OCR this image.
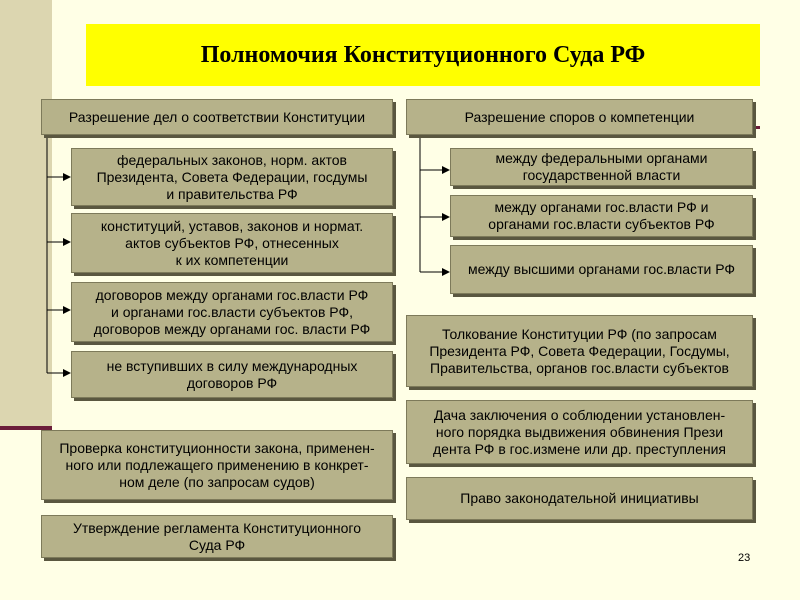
Полномочия Конституционного Суда РФ
Разрешение дел о соответствии Конституции
федеральных законов, норм. актов
Президента, Совета Федерации, госдумы
и правительства РФ
конституций, уставов, законов и нормат.
актов субъектов РФ, отнесенных
к их компетенции
договоров между органами гос.власти РФ
и органами гос.власти субъектов РФ,
договоров между органами гос. власти РФ
не вступивших в силу международных
договоров РФ
Проверка конституционности закона, применен-
ного или подлежащего применению в конкрет-
ном деле (по запросам судов)
Утверждение регламента Конституционного
Суда РФ
Разрешение споров о компетенции
между федеральными органами
государственной власти
между органами гос.власти РФ и
органами гос.власти субъектов РФ
между высшими органами гос.власти РФ
Толкование Конституции РФ (по запросам
Президента РФ, Совета Федерации, Госдумы,
Правительства, органов гос.власти субъектов
Дача заключения о соблюдении установлен-
ного порядка выдвижения обвинения Прези
дента РФ в гос.измене или др. преступления
Право законодательной инициативы
23
